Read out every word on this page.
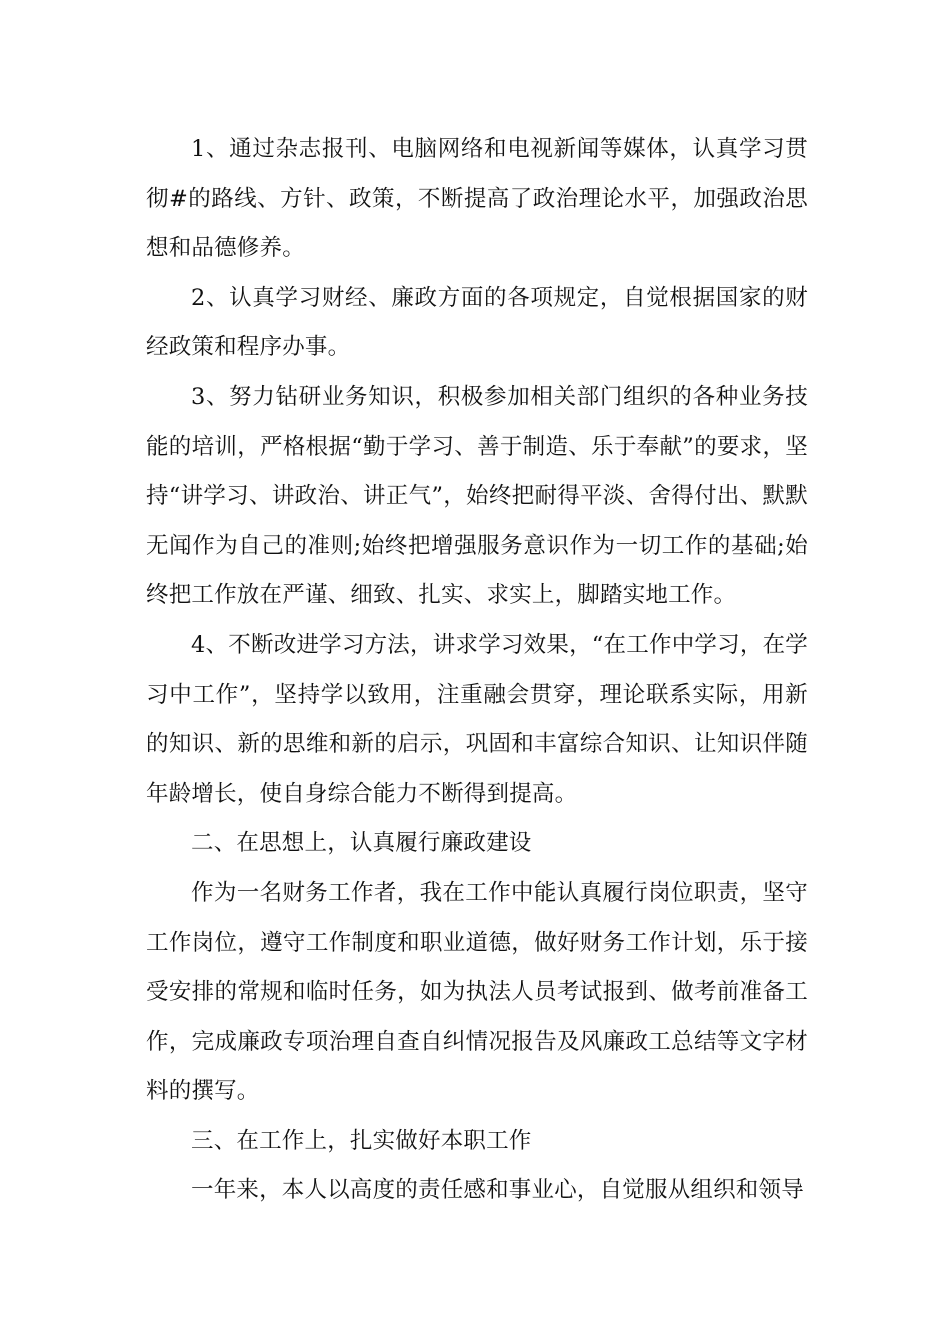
1、通过杂志报刊、电脑网络和电视新闻等媒体，认真学习贯彻#的路线、方针、政策，不断提高了政治理论水平，加强政治思想和品德修养。

2、认真学习财经、廉政方面的各项规定，自觉根据国家的财经政策和程序办事。

3、努力钻研业务知识，积极参加相关部门组织的各种业务技能的培训，严格根据“勤于学习、善于制造、乐于奉献”的要求，坚持“讲学习、讲政治、讲正气”，始终把耐得平淡、舍得付出、默默无闻作为自己的准则;始终把增强服务意识作为一切工作的基础;始终把工作放在严谨、细致、扎实、求实上，脚踏实地工作。

4、不断改进学习方法，讲求学习效果，“在工作中学习，在学习中工作”，坚持学以致用，注重融会贯穿，理论联系实际，用新的知识、新的思维和新的启示，巩固和丰富综合知识、让知识伴随年龄增长，使自身综合能力不断得到提高。

二、在思想上，认真履行廉政建设

作为一名财务工作者，我在工作中能认真履行岗位职责，坚守工作岗位，遵守工作制度和职业道德，做好财务工作计划，乐于接受安排的常规和临时任务，如为执法人员考试报到、做考前准备工作，完成廉政专项治理自查自纠情况报告及风廉政工总结等文字材料的撰写。

三、在工作上，扎实做好本职工作

一年来，本人以高度的责任感和事业心，自觉服从组织和领导
